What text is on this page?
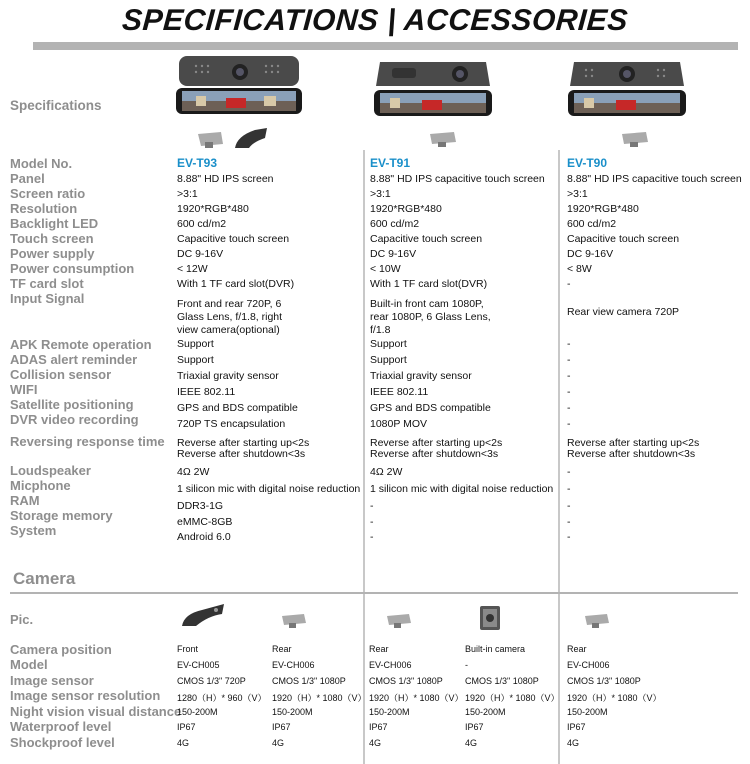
SPECIFICATIONS | ACCESSORIES
Specifications
Model No.
Panel
Screen ratio
Resolution
Backlight LED
Touch screen
Power supply
Power consumption
TF card slot
Input Signal
APK Remote operation
ADAS alert reminder
Collision sensor
WIFI
Satellite positioning
DVR video recording
Reversing response time
Loudspeaker
Micphone
RAM
Storage memory
System
EV-T93
8.88" HD IPS screen
>3:1
1920*RGB*480
600 cd/m2
Capacitive touch screen
DC 9-16V
< 12W
With 1 TF card slot(DVR)
Front and rear 720P, 6
Glass Lens, f/1.8, right
view camera(optional)
Support
Support
Triaxial gravity sensor
IEEE 802.11
GPS and BDS compatible
720P TS encapsulation
Reverse after starting up<2s
Reverse after shutdown<3s
4Ω 2W
1 silicon mic with digital noise reduction
DDR3-1G
eMMC-8GB
Android 6.0
EV-T91
8.88" HD IPS capacitive touch screen
>3:1
1920*RGB*480
600 cd/m2
Capacitive touch screen
DC 9-16V
< 10W
With 1 TF card slot(DVR)
Built-in front cam 1080P,
rear 1080P, 6 Glass Lens,
f/1.8
Support
Support
Triaxial gravity sensor
IEEE 802.11
GPS and BDS compatible
1080P MOV
Reverse after starting up<2s
Reverse after shutdown<3s
4Ω 2W
1 silicon mic with digital noise reduction
-
-
-
EV-T90
8.88" HD IPS capacitive touch screen
>3:1
1920*RGB*480
600 cd/m2
Capacitive touch screen
DC 9-16V
< 8W
-
Rear view camera 720P
-
-
-
-
-
-
Reverse after starting up<2s
Reverse after shutdown<3s
-
-
-
-
-
Camera
Pic.
Camera position
Model
Image sensor
Image sensor resolution
Night vision visual distance
Waterproof level
Shockproof level
Front
EV-CH005
CMOS 1/3" 720P
1280（H）* 960（V）
150-200M
IP67
4G
Rear
EV-CH006
CMOS 1/3" 1080P
1920（H）* 1080（V）
150-200M
IP67
4G
Rear
EV-CH006
CMOS 1/3" 1080P
1920（H）* 1080（V）
150-200M
IP67
4G
Built-in camera
-
CMOS 1/3" 1080P
1920（H）* 1080（V）
150-200M
IP67
4G
Rear
EV-CH006
CMOS 1/3" 1080P
1920（H）* 1080（V）
150-200M
IP67
4G
